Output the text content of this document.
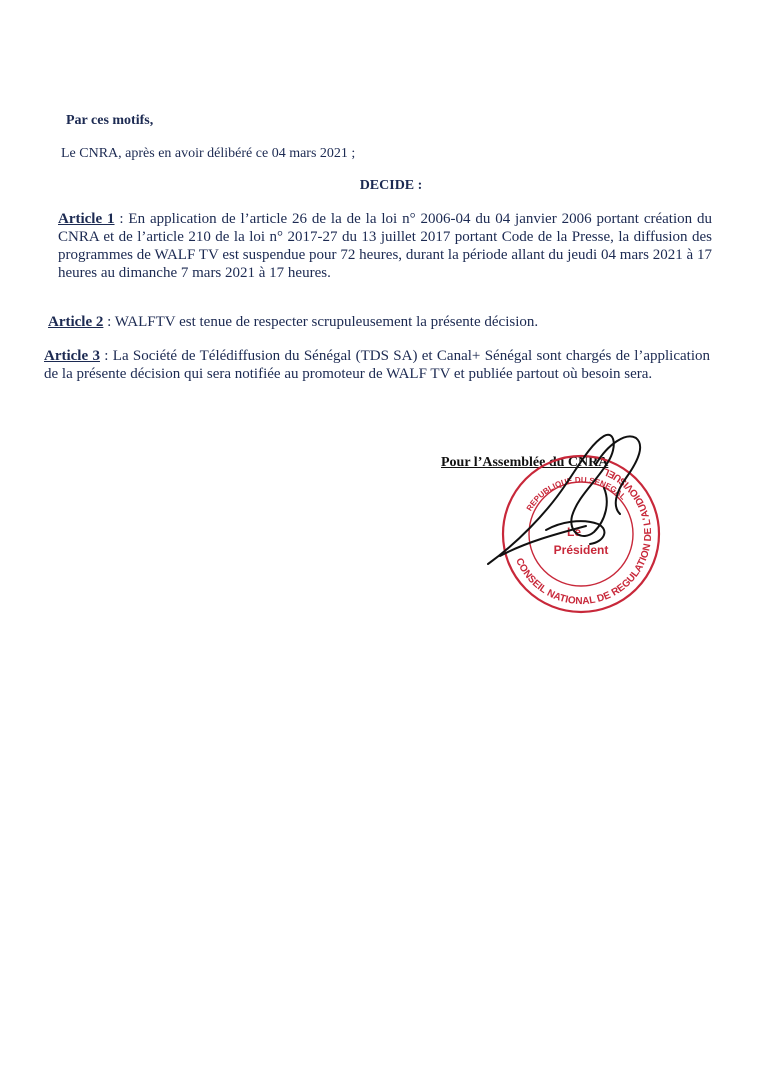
Par ces motifs,
Le CNRA, après en avoir délibéré ce 04 mars 2021 ;
DECIDE :
Article 1 : En application de l’article 26 de la de la loi n° 2006-04 du 04 janvier 2006 portant création du CNRA et de l’article 210 de la loi n° 2017-27 du 13 juillet 2017 portant Code de la Presse, la diffusion des programmes de WALF TV est suspendue pour 72 heures, durant la période allant du jeudi 04 mars 2021 à 17 heures au dimanche 7 mars 2021 à 17 heures.
Article 2 : WALFTV est tenue de respecter scrupuleusement la présente décision.
Article 3 : La Société de Télédiffusion du Sénégal (TDS SA) et Canal+ Sénégal sont chargés de l’application de la présente décision qui sera notifiée au promoteur de WALF TV et publiée partout où besoin sera.
Pour l’Assemblée du CNRA
CONSEIL NATIONAL DE REGULATION DE L'AUDIOVISUEL
REPUBLIQUE DU SENEGAL
Le
Président
